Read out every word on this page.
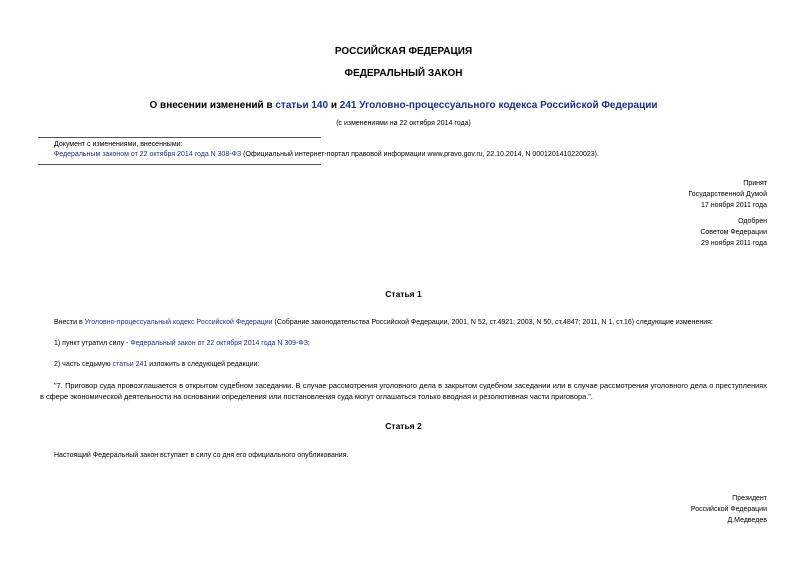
РОССИЙСКАЯ ФЕДЕРАЦИЯ
ФЕДЕРАЛЬНЫЙ ЗАКОН
О внесении изменений в статьи 140 и 241 Уголовно-процессуального кодекса Российской Федерации
(с изменениями на 22 октября 2014 года)
Документ с изменениями, внесенными:
Федеральным законом от 22 октября 2014 года N 308-ФЗ (Официальный интернет-портал правовой информации www.pravo.gov.ru, 22.10.2014, N 0001201410220023).
Принят
Государственной Думой
17 ноября 2011 года
Одобрен
Советом Федерации
29 ноября 2011 года
Статья 1
Внести в Уголовно-процессуальный кодекс Российской Федерации (Собрание законодательства Российской Федерации, 2001, N 52, ст.4921; 2003, N 50, ст.4847; 2011, N 1, ст.16) следующие изменения:
1) пункт утратил силу - Федеральный закон от 22 октября 2014 года N 309-ФЗ;
2) часть седьмую статьи 241 изложить в следующей редакции:
"7. Приговор суда провозглашается в открытом судебном заседании. В случае рассмотрения уголовного дела в закрытом судебном заседании или в случае рассмотрения уголовного дела о преступлениях в сфере экономической деятельности на основании определения или постановления суда могут оглашаться только вводная и резолютивная части приговора.".
Статья 2
Настоящий Федеральный закон вступает в силу со дня его официального опубликования.
Президент
Российской Федерации
Д.Медведев
